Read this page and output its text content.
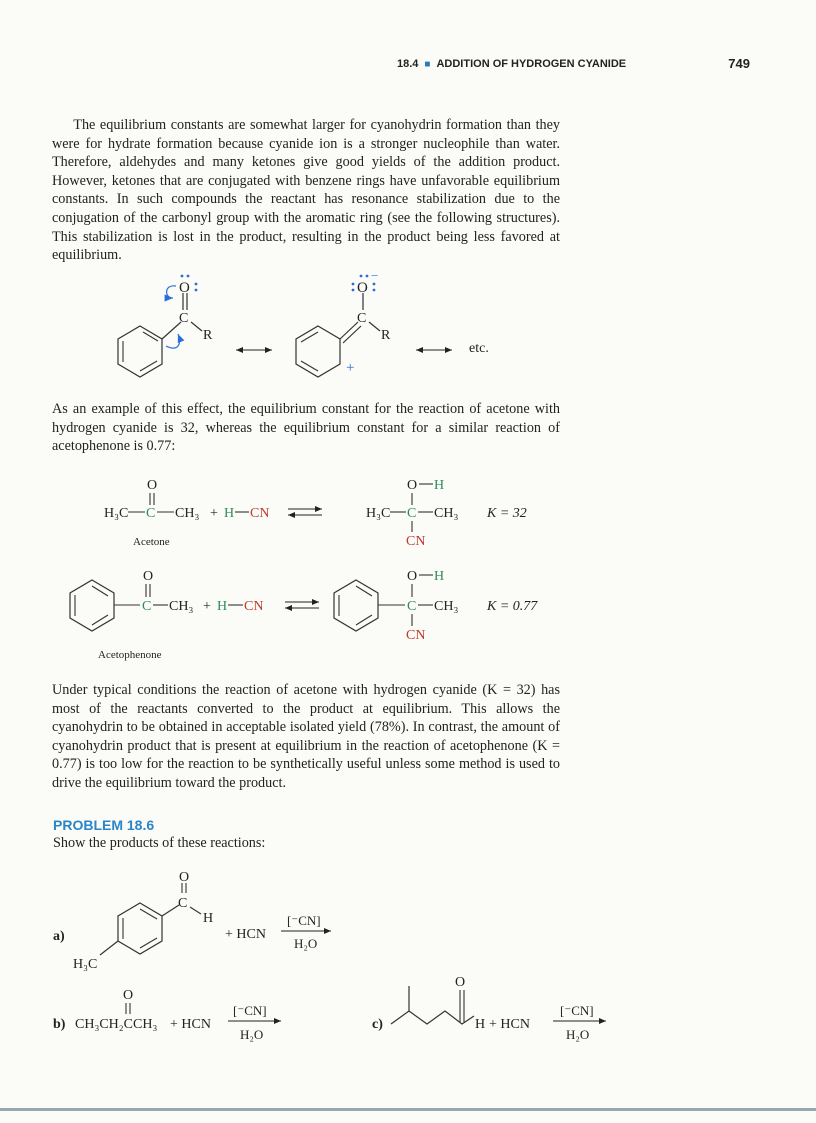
18.4 ■ ADDITION OF HYDROGEN CYANIDE	749

The equilibrium constants are somewhat larger for cyanohydrin formation than they were for hydrate formation because cyanide ion is a stronger nucleophile than water. Therefore, aldehydes and many ketones give good yields of the addition product. However, ketones that are conjugated with benzene rings have unfavorable equilibrium constants. In such compounds the reactant has resonance stabilization due to the conjugation of the carbonyl group with the aromatic ring (see the following structures). This stabilization is lost in the product, resulting in the product being less favored at equilibrium.

As an example of this effect, the equilibrium constant for the reaction of acetone with hydrogen cyanide is 32, whereas the equilibrium constant for a similar reaction of acetophenone is 0.77:

Under typical conditions the reaction of acetone with hydrogen cyanide (K = 32) has most of the reactants converted to the product at equilibrium. This allows the cyanohydrin to be obtained in acceptable isolated yield (78%). In contrast, the amount of cyanohydrin product that is present at equilibrium in the reaction of acetophenone (K = 0.77) is too low for the reaction to be synthetically useful unless some method is used to drive the equilibrium toward the product.

PROBLEM 18.6

Show the products of these reactions:

C
R
O
C
R
O
−
+
etc.
O
H₃C C CH₃ + H CN
Acetone
O H
H₃C C CH₃
CN
K = 32
O
C CH₃ + H CN
Acetophenone
O H
C CH₃
CN
K = 0.77
a)
C
O
H
H₃C
+ HCN
[⁻CN]
H₂O
b)
O
CH₃CH₂CCH₃ + HCN
[⁻CN]
H₂O
c)
O
H + HCN
[⁻CN]
H₂O
